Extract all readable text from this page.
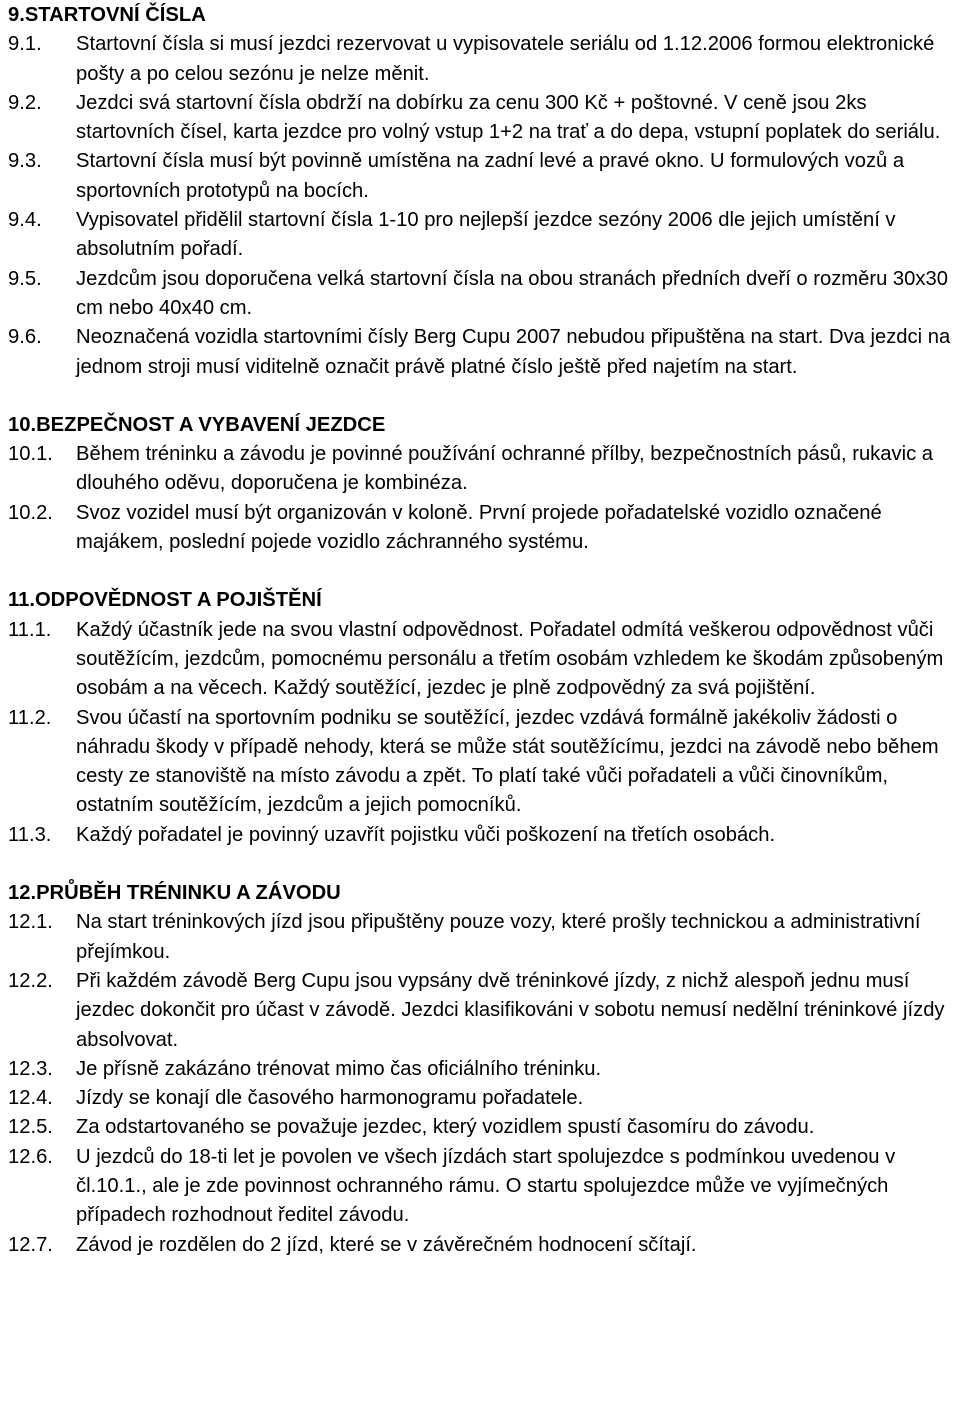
9.STARTOVNÍ ČÍSLA
9.1. Startovní čísla si musí jezdci rezervovat u vypisovatele seriálu od 1.12.2006 formou elektronické pošty a po celou sezónu je nelze měnit.
9.2. Jezdci svá startovní čísla obdrží na dobírku za cenu 300 Kč + poštovné. V ceně jsou 2ks startovních čísel, karta jezdce pro volný vstup 1+2 na trať a do depa, vstupní poplatek do seriálu.
9.3. Startovní čísla musí být povinně umístěna na zadní levé a pravé okno. U formulových vozů a sportovních prototypů na bocích.
9.4. Vypisovatel přidělil startovní čísla 1-10 pro nejlepší jezdce sezóny 2006 dle jejich umístění v absolutním pořadí.
9.5. Jezdcům jsou doporučena velká startovní čísla na obou stranách předních dveří o rozměru 30x30 cm nebo 40x40 cm.
9.6. Neoznačená vozidla startovními čísly Berg Cupu 2007 nebudou připuštěna na start. Dva jezdci na jednom stroji musí viditelně označit právě platné číslo ještě před najetím na start.
10.BEZPEČNOST A VYBAVENÍ JEZDCE
10.1. Během tréninku a závodu je povinné používání ochranné přílby, bezpečnostních pásů, rukavic a dlouhého oděvu, doporučena je kombinéza.
10.2. Svoz vozidel musí být organizován v koloně. První projede pořadatelské vozidlo označené majákem, poslední pojede vozidlo záchranného systému.
11.ODPOVĚDNOST A POJIŠTĚNÍ
11.1. Každý účastník jede na svou vlastní odpovědnost. Pořadatel odmítá veškerou odpovědnost vůči soutěžícím, jezdcům, pomocnému personálu a třetím osobám vzhledem ke škodám způsobeným osobám a na věcech. Každý soutěžící, jezdec je plně zodpovědný za svá pojištění.
11.2. Svou účastí na sportovním podniku se soutěžící, jezdec vzdává formálně jakékoliv žádosti o náhradu škody v případě nehody, která se může stát soutěžícímu, jezdci na závodě nebo během cesty ze stanoviště na místo závodu a zpět. To platí také vůči pořadateli a vůči činovníkům, ostatním soutěžícím, jezdcům a jejich pomocníků.
11.3. Každý pořadatel je povinný uzavřít pojistku vůči poškození na třetích osobách.
12.PRŮBĚH TRÉNINKU A ZÁVODU
12.1. Na start tréninkových jízd jsou připuštěny pouze vozy, které prošly technickou a administrativní přejímkou.
12.2. Při každém závodě Berg Cupu jsou vypsány dvě tréninkové jízdy, z nichž alespoň jednu musí jezdec dokončit pro účast v závodě. Jezdci klasifikováni v sobotu nemusí nedělní tréninkové jízdy absolvovat.
12.3. Je přísně zakázáno trénovat mimo čas oficiálního tréninku.
12.4. Jízdy se konají dle časového harmonogramu pořadatele.
12.5. Za odstartovaného se považuje jezdec, který vozidlem spustí časomíru do závodu.
12.6. U jezdců do 18-ti let je povolen ve všech jízdách start spolujezdce s podmínkou uvedenou v čl.10.1., ale je zde povinnost ochranného rámu. O startu spolujezdce může ve vyjímečných případech rozhodnout ředitel závodu.
12.7. Závod je rozdělen do 2 jízd, které se v závěrečném hodnocení sčítají.
